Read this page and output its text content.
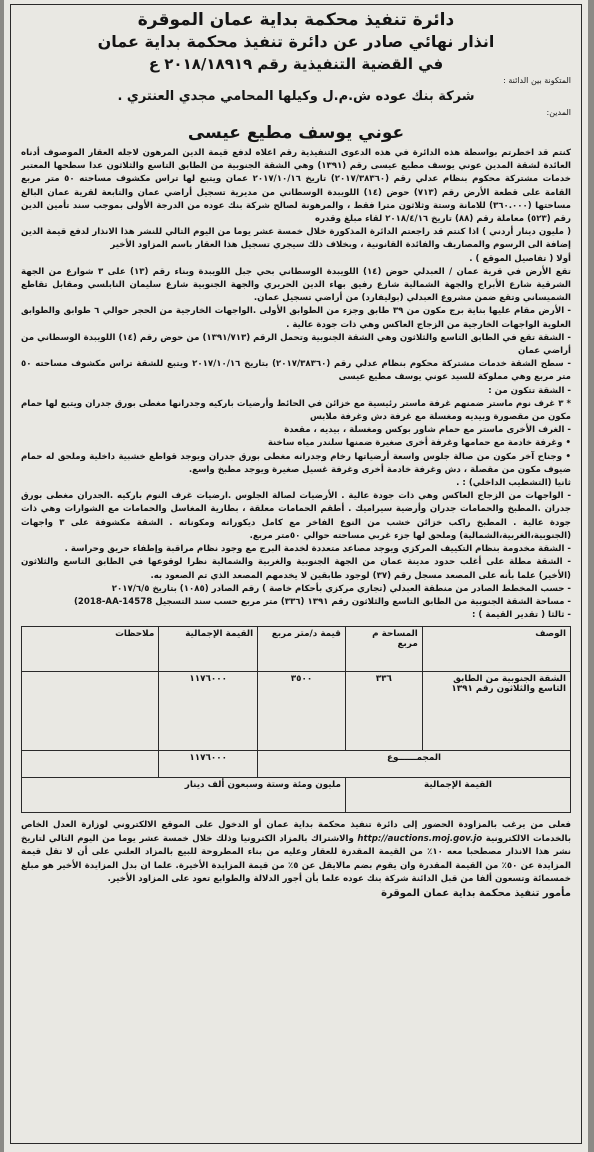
دائرة تنفيذ محكمة بداية عمان الموقرة
انذار نهائي صادر عن دائرة تنفيذ محكمة بداية عمان
في القضية التنفيذية رقم ٢٠١٨/١٨٩١٩ ع
المتكونة بين الدائنة :
شركة بنك عوده ش.م.ل وكيلها المحامي مجدي العنتري .
المدين:
عوني يوسف مطيع عيسى

كنتم قد اخطرتم بواسطة هذه الدائرة في هذه الدعوى التنفيذية رقم اعلاه لدفع قيمة الدين المرهون لاجله العقار الموصوف أدناه العائدة لشقة المدين عوني يوسف مطيع عيسى رقم (١٣٩١) وهي الشقة الجنوبية من الطابق التاسع والثلاثون عدا سطحها المعتبر خدمات مشتركة محكوم بنظام عدلي رقم (٢٠١٧/٣٨٣٦٠) تاريخ ٢٠١٧/١٠/١٦ عمان ويتبع لها تراس مكشوف مساحته ٥٠ متر مربع القامة على قطعة الأرض رقم (٧١٣) حوض (١٤) اللويبدة الوسطاني من مديرية تسجيل أراضي عمان والتابعة لقرية عمان البالغ مساحتها (٣٦٠.٠٠٠) للامانة وستة وثلاثون مترا فقط ، والمرهونة لصالح شركة بنك عوده من الدرجة الأولى بموجب سند تأمين الدين رقم (٥٢٣) معاملة رقم (٨٨) تاريخ ٢٠١٨/٤/١٦ لقاء مبلغ وقدره

( مليون دينار أردني ) اذا كنتم قد راجعتم الدائرة المذكورة خلال خمسة عشر يوما من اليوم التالي للنشر هذا الانذار لدفع قيمة الدين إضافة الى الرسوم والمصاريف والفائدة القانونية ، وبخلاف ذلك سيجري تسجيل هذا العقار باسم المزاود الأخير

أولا ( تفاصيل الموقع ) .

تقع الأرض في قرية عمان / العبدلي حوض (١٤) اللويبدة الوسطاني بحي جبل اللويبدة وبناء رقم (١٣) على ٣ شوارع من الجهة الشرقية شارع الأبراج والجهة الشمالية شارع رفيق بهاء الدين الحريري والجهة الجنوبية شارع سليمان النابلسي ومقابل تقاطع الشميساني وتقع ضمن مشروع العبدلي (بوليفارد) من أراضي تسجيل عمان.

- الأرض مقام عليها بناية برج مكون من ٣٩ طابق وجزء من الطوابق الأولى .الواجهات الخارجية من الحجر حوالي ٦ طوابق والطوابق العلوية الواجهات الخارجية من الزجاج العاكس وهي ذات جودة عالية .

- الشقة تقع في الطابق التاسع والثلاثون وهي الشقة الجنوبية وتحمل الرقم (١٣٩١/٧١٣) من حوض رقم (١٤) اللويبدة الوسطاني من أراضي عمان

- سطح الشقة خدمات مشتركة محكوم بنظام عدلي رقم (٢٠١٧/٣٨٣٦٠) بتاريخ ٢٠١٧/١٠/١٦ ويتبع للشقة تراس مكشوف مساحته ٥٠ متر مربع وهي مملوكة للسيد عوني يوسف مطيع عيسى

- الشقة تتكون من :

* ٣ غرف نوم ماستر ضمنهم غرفة ماستر رئيسية مع خزائن في الحائط وأرضيات باركيه وجدرانها مغطى بورق جدران ويتبع لها حمام مكون من مقصورة وبيديه ومغسلة مع غرفة دش وغرفة ملابس

- الغرف الأخرى ماستر مع حمام شاور بوكس ومغسلة ، بيديه ، مقعدة

• وغرفة خادمة مع حمامها وغرفة أخرى صغيرة ضمنها سلندر مياه ساخنة

• وجناح آخر مكون من صالة جلوس واسعة أرضياتها رخام وجدرانه مغطى بورق جدران ويوجد قواطع خشبية داخلية وملحق له حمام ضيوف مكون من مقصلة ، دش وغرفة خادمة أخرى وغرفة غسيل صغيرة ويوجد مطبخ واسع.

ثانيا (التشطيب الداخلي) : .

- الواجهات من الزجاج العاكس وهي ذات جودة عالية . الأرضيات لصالة الجلوس .ارضيات غرف النوم باركيه .الجدران مغطى بورق جدران .المطبخ والحمامات جدران وأرضية سيراميك . أطقم الحمامات معلقة ، بطارية المغاسل والحمامات مع الشوارات وهي ذات جودة عالية . المطبخ راكب خزائن خشب من النوع الفاخر مع كامل ديكوراته ومكوناته . الشقة مكشوفة على ٣ واجهات (الجنوبية،الغربية،الشمالية) وملحق لها جزء غربي مساحته حوالي ٥٠متر مربع.

- الشقة مخدومة بنظام التكييف المركزي ويوجد مصاعد متعددة لخدمة البرج مع وجود نظام مراقبة وإطفاء حريق وحراسة .

- الشقة مطلة على أغلب حدود مدينة عمان من الجهة الجنوبية والغربية والشمالية نظرا لوقوعها في الطابق التاسع والثلاثون (الأخير) علما بأنه على المصعد مسجل رقم (٣٧) لوجود طابقين لا يخدمهم المصعد الذي تم الصعود به.

- حسب المخطط الصادر من منطقة العبدلي (تجاري مركزي بأحكام خاصة ) رقم الصادر (١٠٨٥) بتاريخ ٢٠١٧/٦/٥

- مساحة الشقة الجنوبية من الطابق التاسع والثلاثون رقم ١٣٩١ (٣٣٦) متر مربع حسب سند التسجيل (2018-AA-14578

- ثالثا ( تقدير القيمة ) :

الوصف	المساحة م مربع	قيمة د/متر مربع	القيمة الإجمالية	ملاحظات
الشقة الجنوبية من الطابق التاسع والثلاثون رقم ١٣٩١	٣٣٦	٣٥٠٠	١١٧٦٠٠٠	
المجمــــــوع			١١٧٦٠٠٠	
القيمة الإجمالية		مليون ومئة وستة وسبعون ألف دينار		
فعلى من يرغب بالمزاودة الحضور إلى دائرة تنفيذ محكمة بداية عمان أو الدخول على الموقع الالكتروني لوزارة العدل الخاص بالخدمات الالكترونية http://auctions.moj.gov.jo والاشتراك بالمزاد الكترونيا وذلك خلال خمسة عشر يوما من اليوم التالي لتاريخ نشر هذا الانذار مصطحبا معه ١٠٪ من القيمة المقدرة للعقار وعليه من بناء المطروحة للبيع بالمزاد العلني على أن لا تقل قيمة المزايدة عن ٥٠٪ من القيمة المقدرة وان يقوم بضم مالايقل عن ٥٪ من قيمة المزايدة الأخيرة. علما ان بدل المزايدة الأخير هو مبلغ خمسمائة وتسعون ألفا من قبل الدائنة شركة بنك عوده علما بأن أجور الدلالة والطوابع تعود على المزاود الأخير.
مأمور تنفيذ محكمة بداية عمان الموقرة
